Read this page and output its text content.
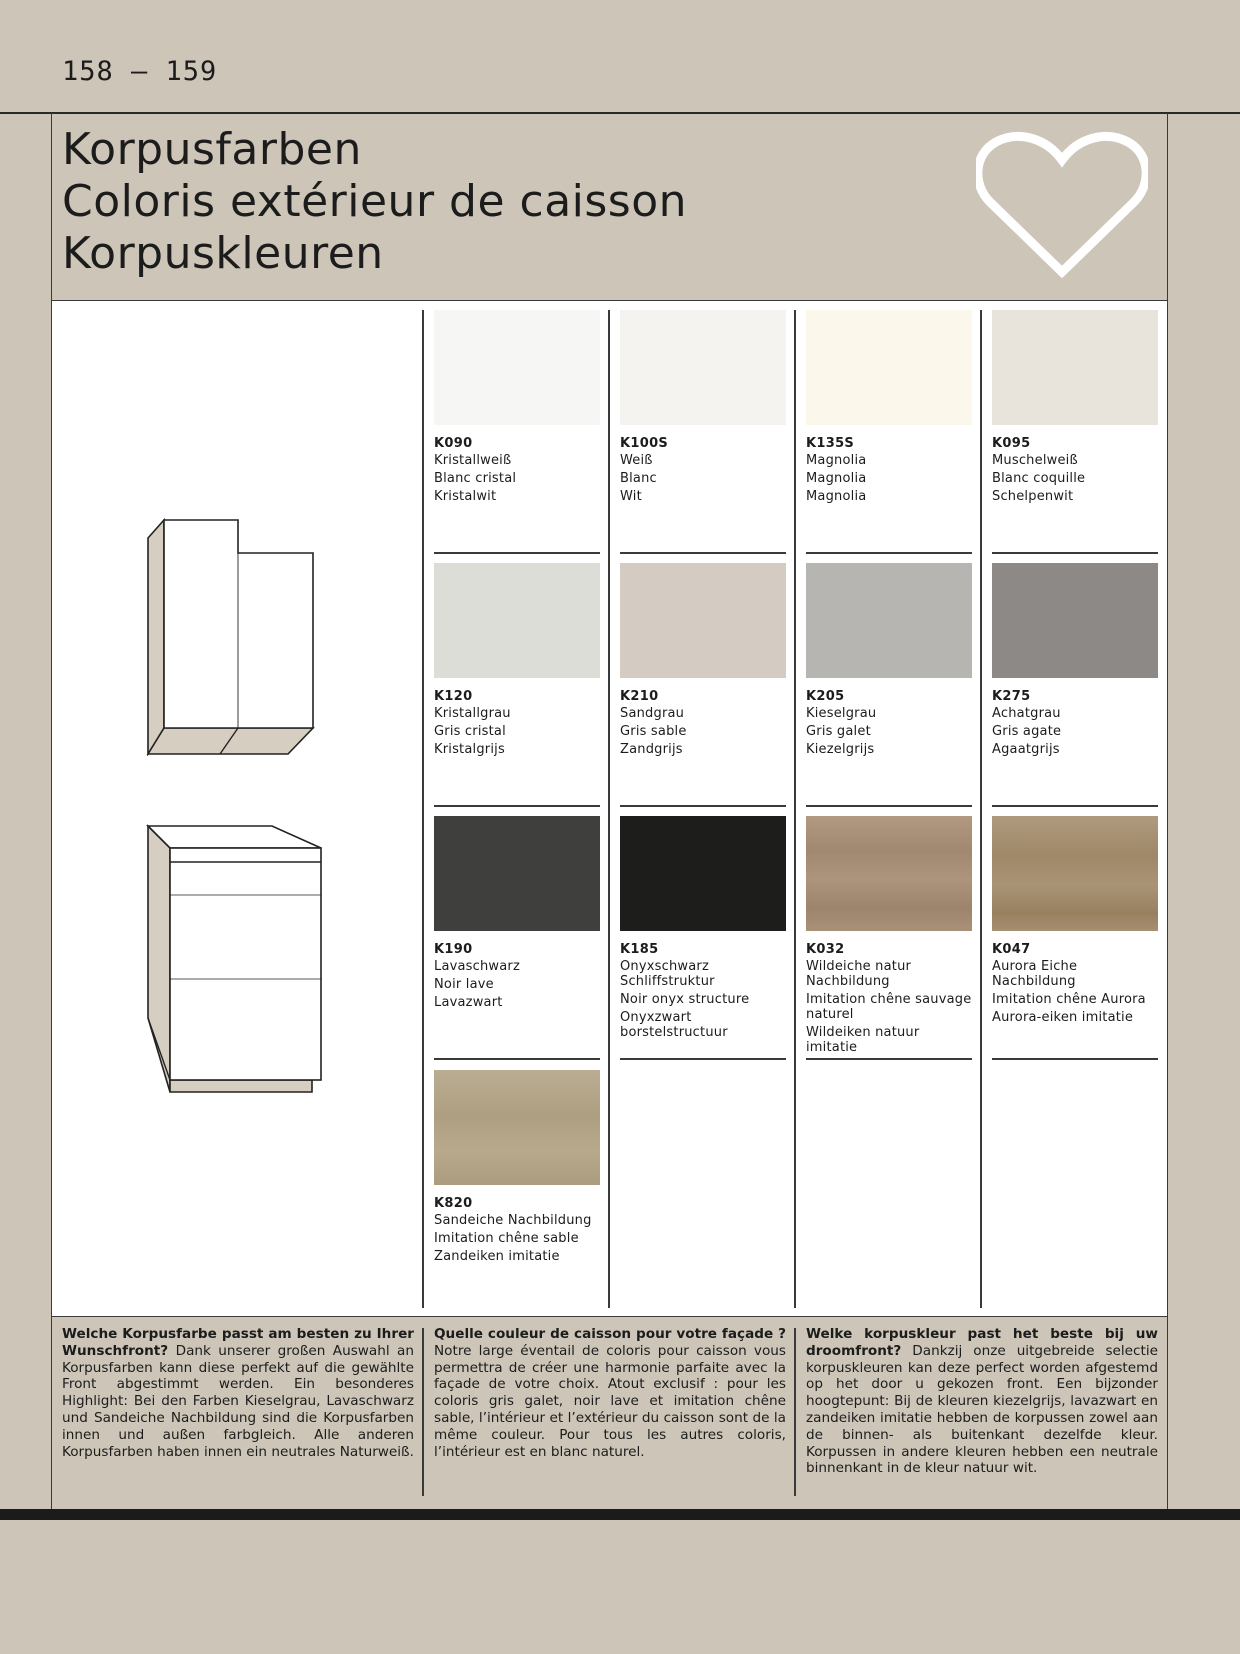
158 — 159
Korpusfarben
Coloris extérieur de caisson
Korpuskleuren
K090
Kristallweiß
Blanc cristal
Kristalwit
K100S
Weiß
Blanc
Wit
K135S
Magnolia
Magnolia
Magnolia
K095
Muschelweiß
Blanc coquille
Schelpenwit
K120
Kristallgrau
Gris cristal
Kristalgrijs
K210
Sandgrau
Gris sable
Zandgrijs
K205
Kieselgrau
Gris galet
Kiezelgrijs
K275
Achatgrau
Gris agate
Agaatgrijs
K190
Lavaschwarz
Noir lave
Lavazwart
K185
Onyxschwarz Schliffstruktur
Noir onyx structure
Onyxzwart borstelstructuur
K032
Wildeiche natur Nachbildung
Imitation chêne sauvage naturel
Wildeiken natuur imitatie
K047
Aurora Eiche Nachbildung
Imitation chêne Aurora
Aurora-eiken imitatie
K820
Sandeiche Nachbildung
Imitation chêne sable
Zandeiken imitatie
Welche Korpusfarbe passt am besten zu Ihrer Wunschfront? Dank unserer großen Auswahl an Korpusfarben kann diese perfekt auf die gewählte Front abgestimmt werden. Ein besonderes Highlight: Bei den Farben Kieselgrau, Lavaschwarz und Sandeiche Nachbildung sind die Korpusfarben innen und außen farbgleich. Alle anderen Korpusfarben haben innen ein neutrales Naturweiß.
Quelle couleur de caisson pour votre façade ? Notre large éventail de coloris pour caisson vous permettra de créer une harmonie parfaite avec la façade de votre choix. Atout exclusif : pour les coloris gris galet, noir lave et imitation chêne sable, l’intérieur et l’extérieur du caisson sont de la même couleur. Pour tous les autres coloris, l’intérieur est en blanc naturel.
Welke korpuskleur past het beste bij uw droomfront? Dankzij onze uitgebreide selectie korpuskleuren kan deze perfect worden afgestemd op het door u gekozen front. Een bijzonder hoogtepunt: Bij de kleuren kiezelgrijs, lavazwart en zandeiken imitatie hebben de korpussen zowel aan de binnen- als buitenkant dezelfde kleur. Korpussen in andere kleuren hebben een neutrale binnenkant in de kleur natuur wit.
